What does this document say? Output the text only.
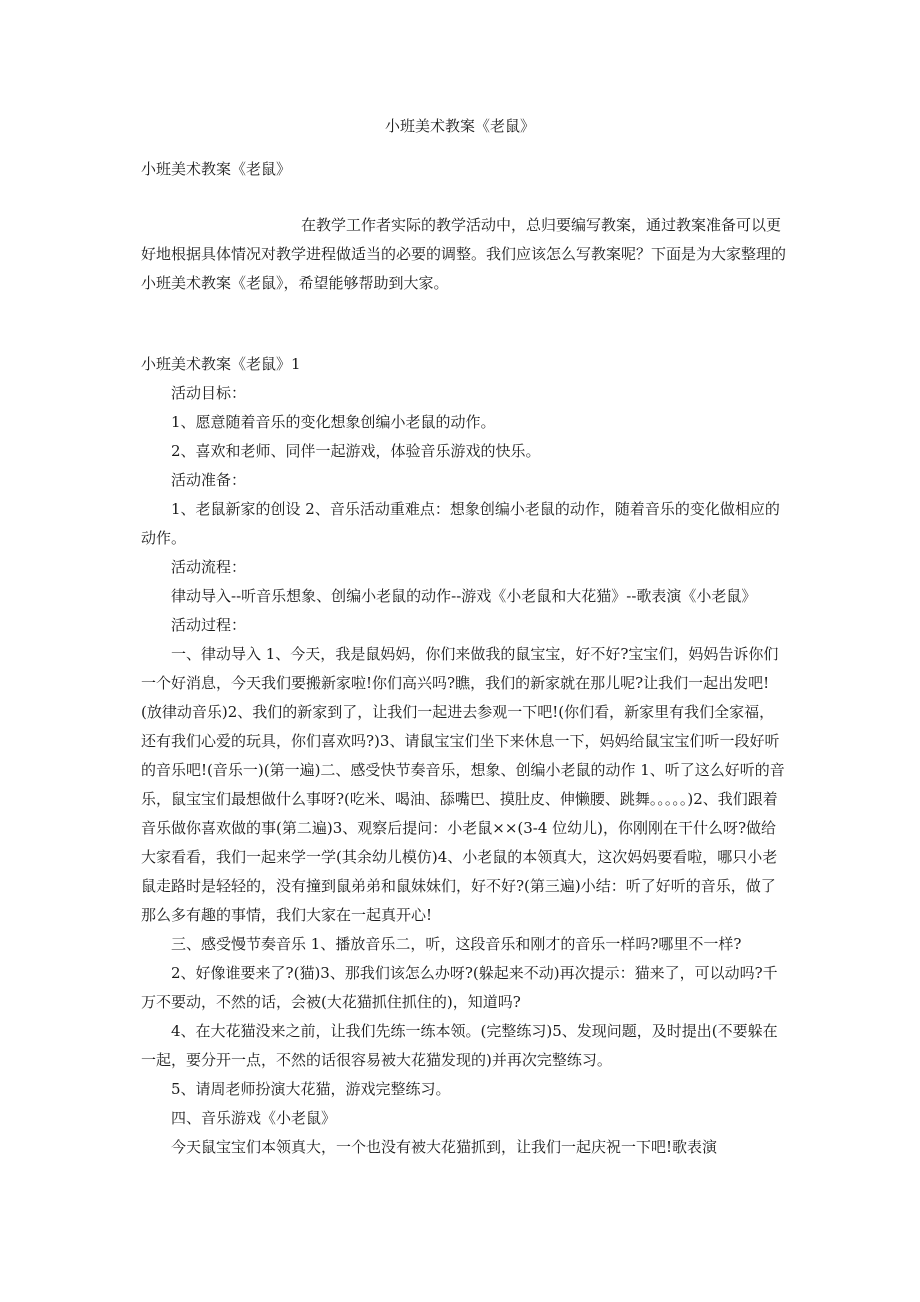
小班美术教案《老鼠》
小班美术教案《老鼠》

在教学工作者实际的教学活动中，总归要编写教案，通过教案准备可以更好地根据具体情况对教学进程做适当的必要的调整。我们应该怎么写教案呢？下面是为大家整理的小班美术教案《老鼠》，希望能够帮助到大家。

小班美术教案《老鼠》1

活动目标：

1、愿意随着音乐的变化想象创编小老鼠的动作。

2、喜欢和老师、同伴一起游戏，体验音乐游戏的快乐。

活动准备：

1、老鼠新家的创设 2、音乐活动重难点：想象创编小老鼠的动作，随着音乐的变化做相应的动作。

活动流程：

律动导入--听音乐想象、创编小老鼠的动作--游戏《小老鼠和大花猫》--歌表演《小老鼠》

活动过程：

一、律动导入 1、今天，我是鼠妈妈，你们来做我的鼠宝宝，好不好?宝宝们，妈妈告诉你们一个好消息，今天我们要搬新家啦!你们高兴吗?瞧，我们的新家就在那儿呢?让我们一起出发吧!(放律动音乐)2、我们的新家到了，让我们一起进去参观一下吧!(你们看，新家里有我们全家福，还有我们心爱的玩具，你们喜欢吗?)3、请鼠宝宝们坐下来休息一下，妈妈给鼠宝宝们听一段好听的音乐吧!(音乐一)(第一遍)二、感受快节奏音乐，想象、创编小老鼠的动作 1、听了这么好听的音乐，鼠宝宝们最想做什么事呀?(吃米、喝油、舔嘴巴、摸肚皮、伸懒腰、跳舞。。。。。)2、我们跟着音乐做你喜欢做的事(第二遍)3、观察后提问：小老鼠××(3-4 位幼儿)，你刚刚在干什么呀?做给大家看看，我们一起来学一学(其余幼儿模仿)4、小老鼠的本领真大，这次妈妈要看啦，哪只小老鼠走路时是轻轻的，没有撞到鼠弟弟和鼠妹妹们，好不好?(第三遍)小结：听了好听的音乐，做了那么多有趣的事情，我们大家在一起真开心!

三、感受慢节奏音乐 1、播放音乐二，听，这段音乐和刚才的音乐一样吗?哪里不一样?

2、好像谁要来了?(猫)3、那我们该怎么办呀?(躲起来不动)再次提示：猫来了，可以动吗?千万不要动，不然的话，会被(大花猫抓住抓住的)，知道吗?

4、在大花猫没来之前，让我们先练一练本领。(完整练习)5、发现问题，及时提出(不要躲在一起，要分开一点，不然的话很容易被大花猫发现的)并再次完整练习。

5、请周老师扮演大花猫，游戏完整练习。

四、音乐游戏《小老鼠》

今天鼠宝宝们本领真大，一个也没有被大花猫抓到，让我们一起庆祝一下吧!歌表演
